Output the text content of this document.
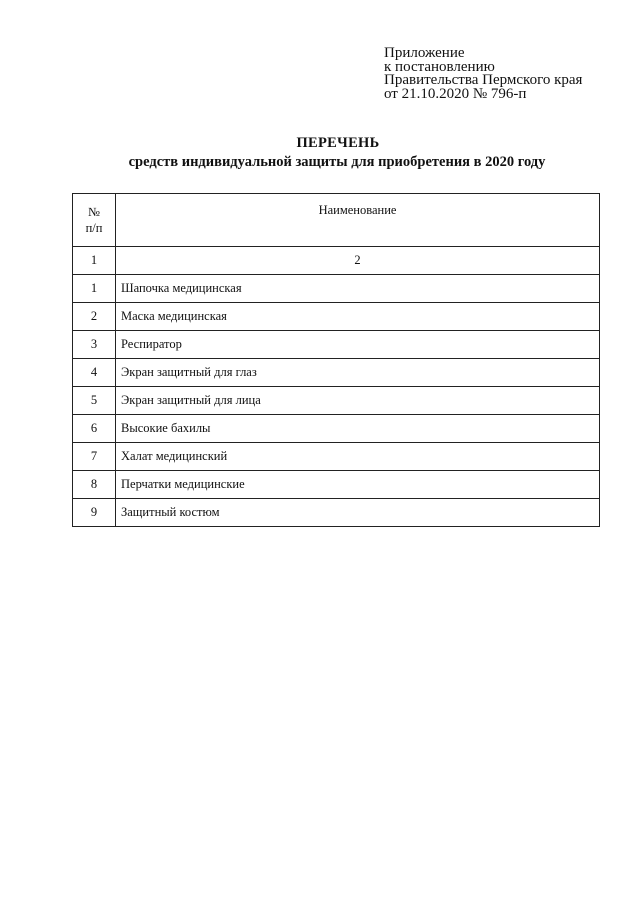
Приложение
к постановлению
Правительства Пермского края
от 21.10.2020 № 796-п
ПЕРЕЧЕНЬ
средств индивидуальной защиты для приобретения в 2020 году
№
п/п	Наименование
1	2
1	Шапочка медицинская
2	Маска медицинская
3	Респиратор
4	Экран защитный для глаз
5	Экран защитный для лица
6	Высокие бахилы
7	Халат медицинский
8	Перчатки медицинские
9	Защитный костюм
